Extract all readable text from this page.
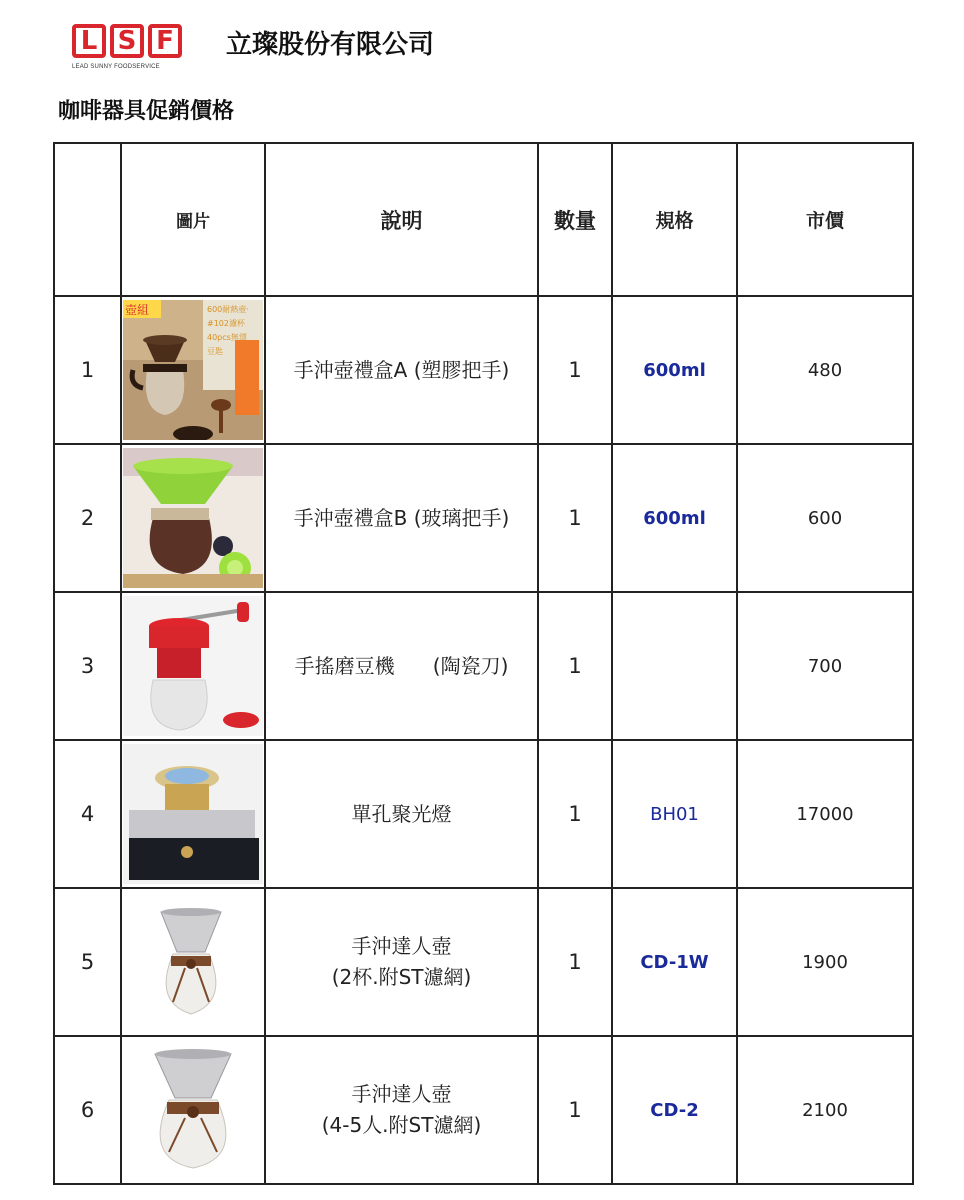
L S F
LEAD SUNNY FOODSERVICE
立璨股份有限公司
咖啡器具促銷價格
	圖片	說明	數量	規格	市價
1	壺組 600耐熱壺·
#102濾杯
40pcs無漂
豆匙	手沖壺禮盒A (塑膠把手)	1	600ml	480
2		手沖壺禮盒B (玻璃把手)	1	600ml	600
3		手搖磨豆機      (陶瓷刀)	1		700
4		單孔聚光燈	1	BH01	17000
5		手沖達人壺
(2杯.附ST濾網)	1	CD-1W	1900
6		手沖達人壺
(4-5人.附ST濾網)	1	CD-2	2100
